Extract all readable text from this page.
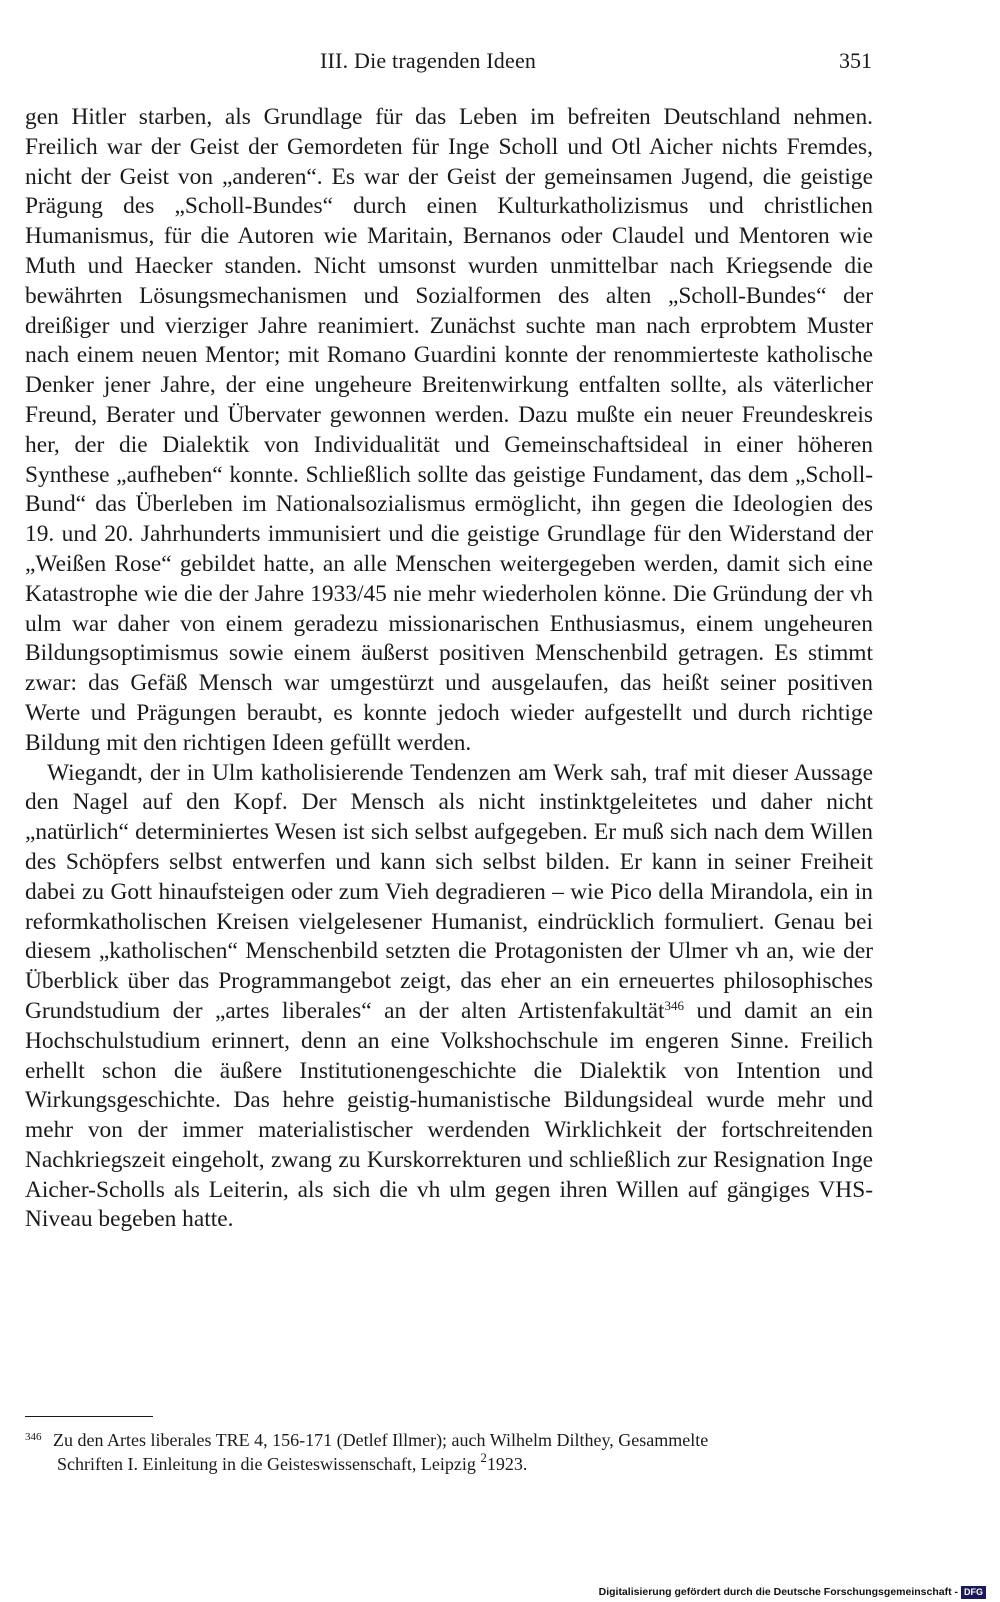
III. Die tragenden Ideen	351

gen Hitler starben, als Grundlage für das Leben im befreiten Deutschland nehmen. Freilich war der Geist der Gemordeten für Inge Scholl und Otl Aicher nichts Fremdes, nicht der Geist von „anderen“. Es war der Geist der gemeinsamen Jugend, die geistige Prägung des „Scholl-Bundes“ durch einen Kulturkatholizismus und christlichen Humanismus, für die Autoren wie Maritain, Bernanos oder Claudel und Mentoren wie Muth und Haecker standen. Nicht umsonst wurden unmittelbar nach Kriegsende die bewährten Lösungsmechanismen und Sozialformen des alten „Scholl-Bundes“ der dreißiger und vierziger Jahre reanimiert. Zunächst suchte man nach erprobtem Muster nach einem neuen Mentor; mit Romano Guardini konnte der renommierteste katholische Denker jener Jahre, der eine ungeheure Breitenwirkung entfalten sollte, als väterlicher Freund, Berater und Übervater gewonnen werden. Dazu mußte ein neuer Freundeskreis her, der die Dialektik von Individualität und Gemeinschaftsideal in einer höheren Synthese „aufheben“ konnte. Schließlich sollte das geistige Fundament, das dem „Scholl-Bund“ das Überleben im Nationalsozialismus ermöglicht, ihn gegen die Ideologien des 19. und 20. Jahrhunderts immunisiert und die geistige Grundlage für den Widerstand der „Weißen Rose“ gebildet hatte, an alle Menschen weitergegeben werden, damit sich eine Katastrophe wie die der Jahre 1933/45 nie mehr wiederholen könne. Die Gründung der vh ulm war daher von einem geradezu missionarischen Enthusiasmus, einem ungeheuren Bildungsoptimismus sowie einem äußerst positiven Menschenbild getragen. Es stimmt zwar: das Gefäß Mensch war umgestürzt und ausgelaufen, das heißt seiner positiven Werte und Prägungen beraubt, es konnte jedoch wieder aufgestellt und durch richtige Bildung mit den richtigen Ideen gefüllt werden.

Wiegandt, der in Ulm katholisierende Tendenzen am Werk sah, traf mit dieser Aussage den Nagel auf den Kopf. Der Mensch als nicht instinktgeleitetes und daher nicht „natürlich“ determiniertes Wesen ist sich selbst aufgegeben. Er muß sich nach dem Willen des Schöpfers selbst entwerfen und kann sich selbst bilden. Er kann in seiner Freiheit dabei zu Gott hinaufsteigen oder zum Vieh degradieren – wie Pico della Mirandola, ein in reformkatholischen Kreisen vielgelesener Humanist, eindrücklich formuliert. Genau bei diesem „katholischen“ Menschenbild setzten die Protagonisten der Ulmer vh an, wie der Überblick über das Programmangebot zeigt, das eher an ein erneuertes philosophisches Grundstudium der „artes liberales“ an der alten Artistenfakultät$^{346}$ und damit an ein Hochschulstudium erinnert, denn an eine Volkshochschule im engeren Sinne. Freilich erhellt schon die äußere Institutionengeschichte die Dialektik von Intention und Wirkungsgeschichte. Das hehre geistig-humanistische Bildungsideal wurde mehr und mehr von der immer materialistischer werdenden Wirklichkeit der fortschreitenden Nachkriegszeit eingeholt, zwang zu Kurskorrekturen und schließlich zur Resignation Inge Aicher-Scholls als Leiterin, als sich die vh ulm gegen ihren Willen auf gängiges VHS-Niveau begeben hatte.

346 Zu den Artes liberales TRE 4, 156-171 (Detlef Illmer); auch Wilhelm Dilthey, Gesammelte
Schriften I. Einleitung in die Geisteswissenschaft, Leipzig $^2$1923.
Digitalisierung gefördert durch die Deutsche Forschungsgemeinschaft - DFG
